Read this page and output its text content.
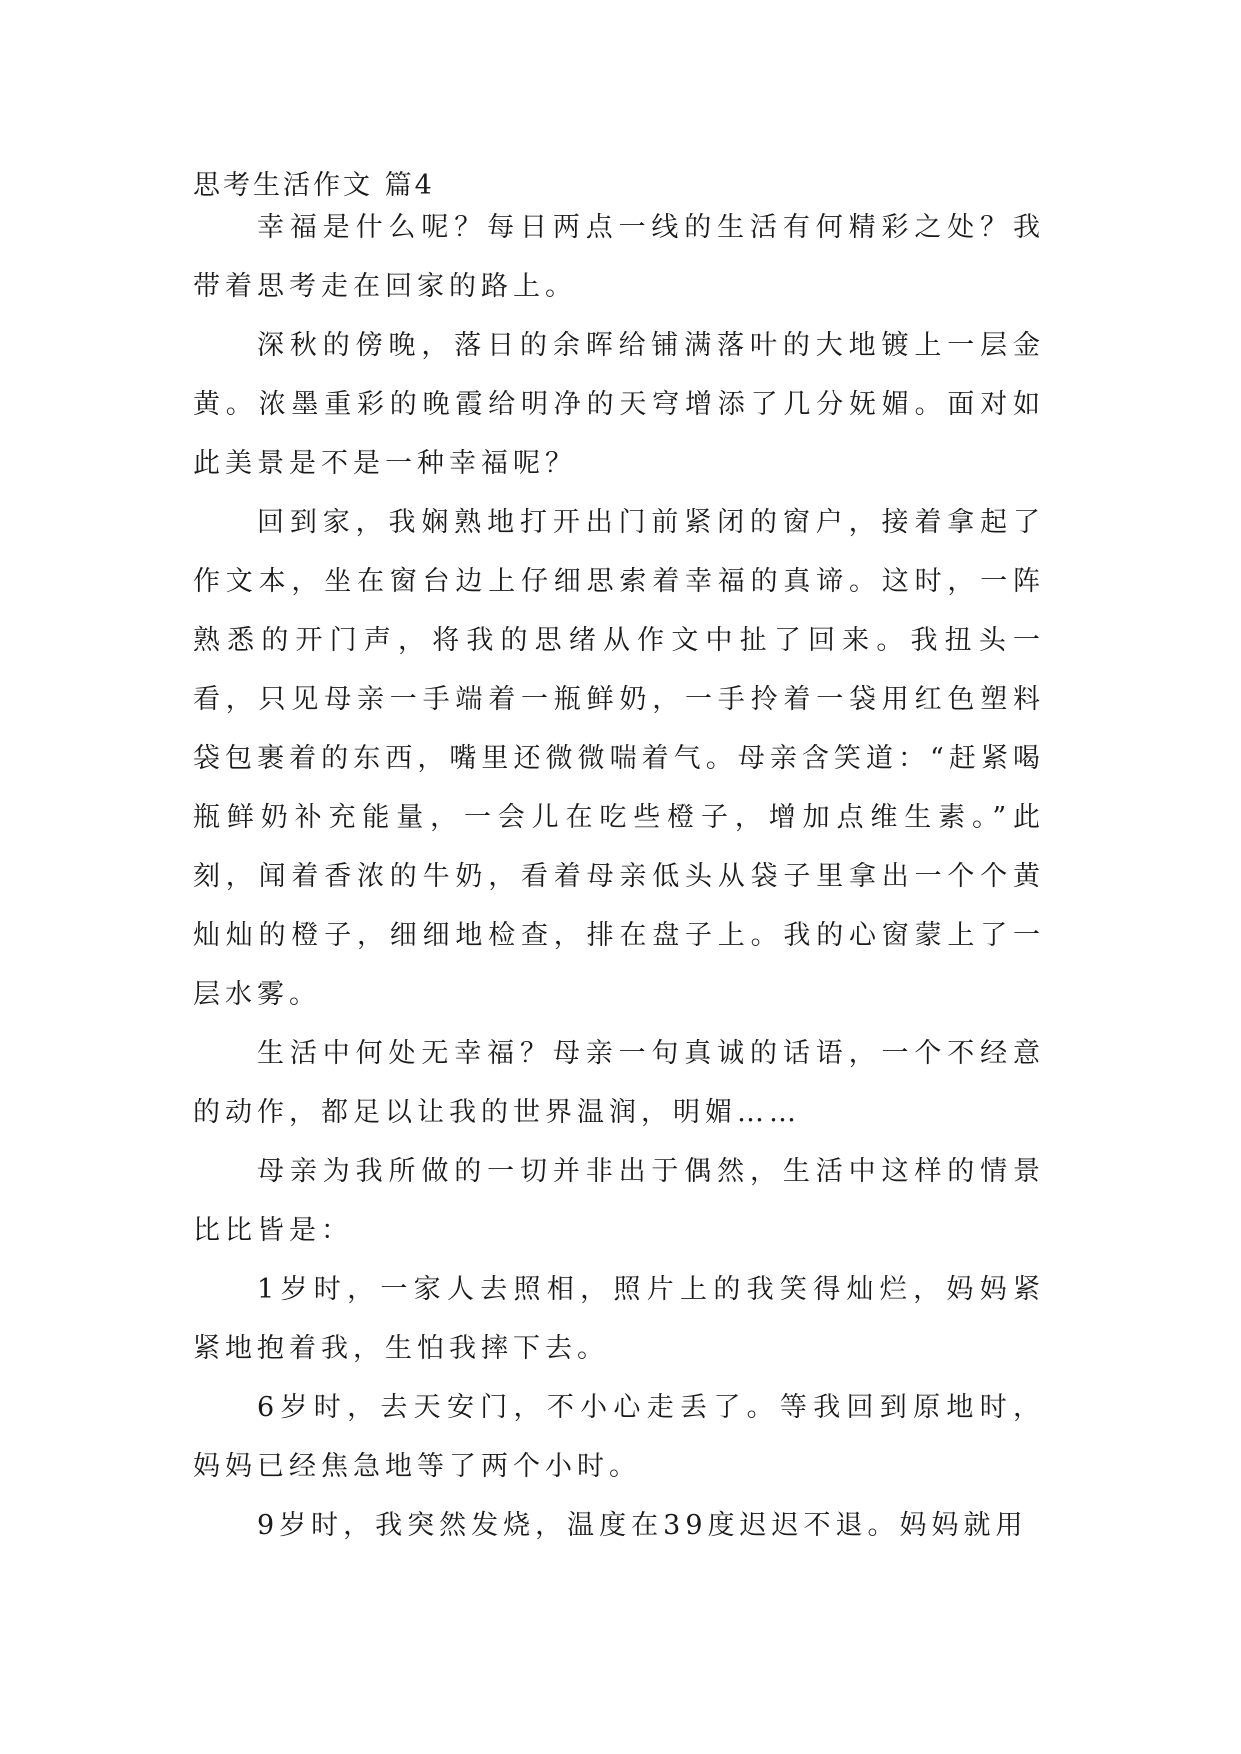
思考生活作文 篇4

幸福是什么呢？每日两点一线的生活有何精彩之处？我带着思考走在回家的路上。

深秋的傍晚，落日的余晖给铺满落叶的大地镀上一层金黄。浓墨重彩的晚霞给明净的天穹增添了几分妩媚。面对如此美景是不是一种幸福呢？

回到家，我娴熟地打开出门前紧闭的窗户，接着拿起了作文本，坐在窗台边上仔细思索着幸福的真谛。这时，一阵熟悉的开门声，将我的思绪从作文中扯了回来。我扭头一看，只见母亲一手端着一瓶鲜奶，一手拎着一袋用红色塑料袋包裹着的东西，嘴里还微微喘着气。母亲含笑道：“赶紧喝瓶鲜奶补充能量，一会儿在吃些橙子，增加点维生素。”此刻，闻着香浓的牛奶，看着母亲低头从袋子里拿出一个个黄灿灿的橙子，细细地检查，排在盘子上。我的心窗蒙上了一层水雾。

生活中何处无幸福？母亲一句真诚的话语，一个不经意的动作，都足以让我的世界温润，明媚……

母亲为我所做的一切并非出于偶然，生活中这样的情景比比皆是：

1岁时，一家人去照相，照片上的我笑得灿烂，妈妈紧紧地抱着我，生怕我摔下去。

6岁时，去天安门，不小心走丢了。等我回到原地时，妈妈已经焦急地等了两个小时。

9岁时，我突然发烧，温度在39度迟迟不退。妈妈就用
